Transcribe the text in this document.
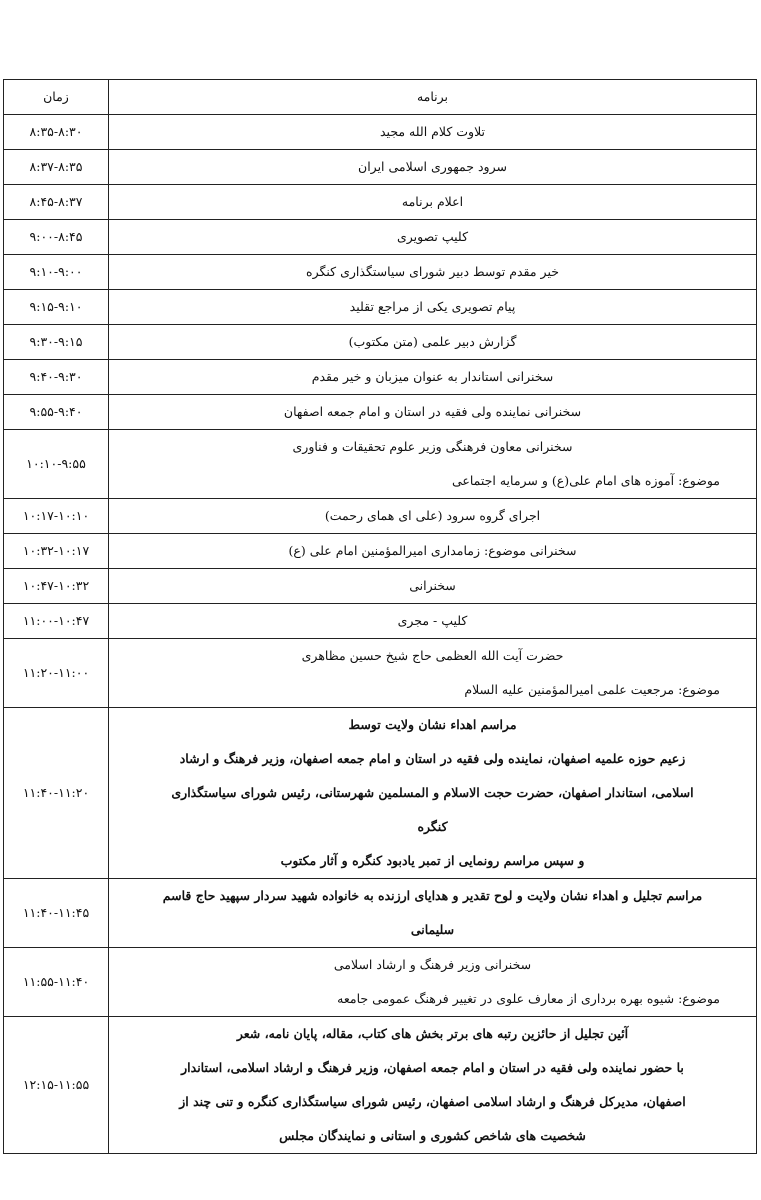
برنامه	زمان

تلاوت کلام الله مجید	۸:۳۵-۸:۳۰

سرود جمهوری اسلامی ایران	۸:۳۷-۸:۳۵

اعلام برنامه	۸:۴۵-۸:۳۷

کلیپ تصویری	۹:۰۰-۸:۴۵

خیر مقدم توسط دبیر شورای سیاستگذاری کنگره	۹:۱۰-۹:۰۰

پیام تصویری یکی از مراجع تقلید	۹:۱۵-۹:۱۰

گزارش دبیر علمی (متن مکتوب)	۹:۳۰-۹:۱۵

سخنرانی استاندار به عنوان میزبان و خیر مقدم	۹:۴۰-۹:۳۰

سخنرانی نماینده ولی فقیه در استان و امام جمعه اصفهان	۹:۵۵-۹:۴۰

سخنرانی معاون فرهنگی وزیر علوم تحقیقات و فناوری
موضوع: آموزه های امام علی(ع) و سرمایه اجتماعی	۱۰:۱۰-۹:۵۵

اجرای گروه سرود (علی ای همای رحمت)	۱۰:۱۷-۱۰:۱۰

سخنرانی موضوع: زمامداری امیرالمؤمنین امام علی (ع)	۱۰:۳۲-۱۰:۱۷

سخنرانی	۱۰:۴۷-۱۰:۳۲

کلیپ - مجری	۱۱:۰۰-۱۰:۴۷

حضرت آیت الله العظمی حاج شیخ حسین مظاهری
موضوع: مرجعیت علمی امیرالمؤمنین علیه السلام	۱۱:۲۰-۱۱:۰۰

مراسم اهداء نشان ولایت توسط
زعیم حوزه علمیه اصفهان، نماینده ولی فقیه در استان و امام جمعه اصفهان، وزیر فرهنگ و ارشاد
اسلامی، استاندار اصفهان، حضرت حجت الاسلام و المسلمین شهرستانی، رئیس شورای سیاستگذاری
کنگره
و سپس مراسم رونمایی از تمبر یادبود کنگره و آثار مکتوب	۱۱:۴۰-۱۱:۲۰

مراسم تجلیل و اهداء نشان ولایت و لوح تقدیر و هدایای ارزنده به خانواده شهید سردار سپهید حاج قاسم
سلیمانی	۱۱:۴۰-۱۱:۴۵

سخنرانی وزیر فرهنگ و ارشاد اسلامی
موضوع: شیوه بهره برداری از معارف علوی در تغییر فرهنگ عمومی جامعه	۱۱:۵۵-۱۱:۴۰

آئین تجلیل از حائزین رتبه های برتر بخش های کتاب، مقاله، پایان نامه، شعر
با حضور نماینده ولی فقیه در استان و امام جمعه اصفهان، وزیر فرهنگ و ارشاد اسلامی، استاندار
اصفهان، مدیرکل فرهنگ و ارشاد اسلامی اصفهان، رئیس شورای سیاستگذاری کنگره و تنی چند از
شخصیت های شاخص کشوری و استانی و نمایندگان مجلس	۱۲:۱۵-۱۱:۵۵
